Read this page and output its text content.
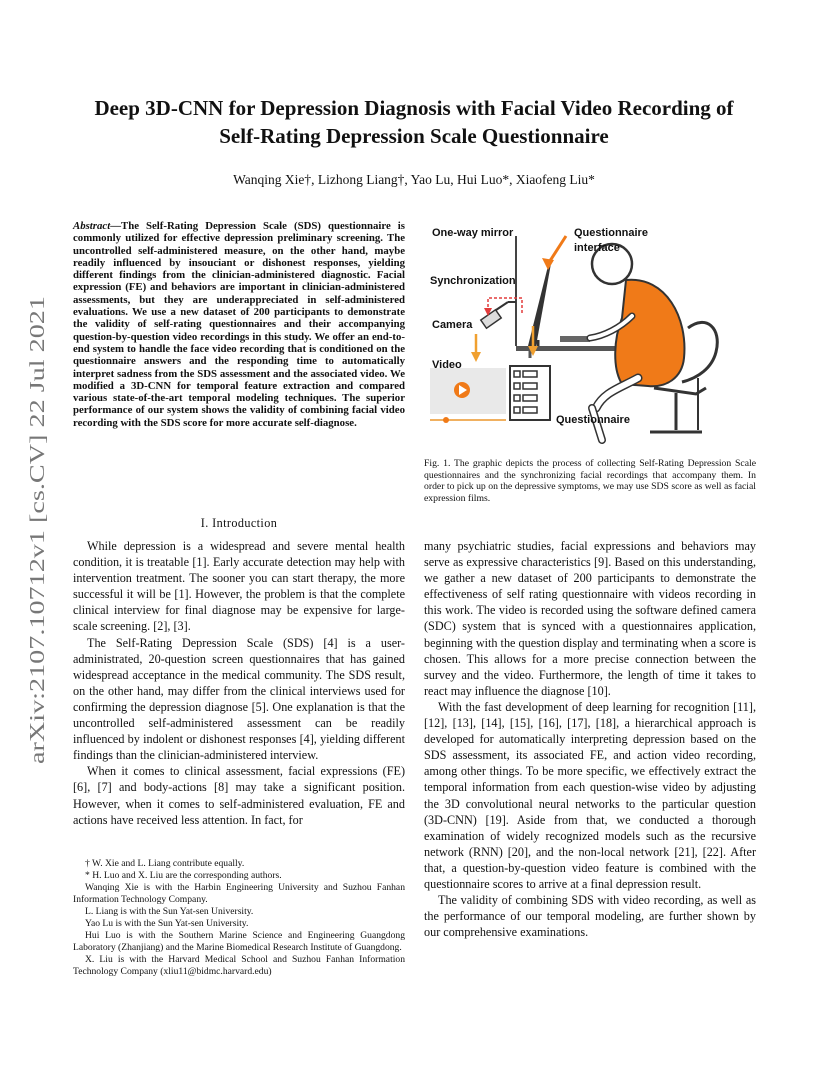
arXiv:2107.10712v1 [cs.CV] 22 Jul 2021
Deep 3D-CNN for Depression Diagnosis with Facial Video Recording of
Self-Rating Depression Scale Questionnaire
Wanqing Xie†, Lizhong Liang†, Yao Lu, Hui Luo*, Xiaofeng Liu*
Abstract—The Self-Rating Depression Scale (SDS) questionnaire is commonly utilized for effective depression preliminary screening. The uncontrolled self-administered measure, on the other hand, maybe readily influenced by insouciant or dishonest responses, yielding different findings from the clinician-administered diagnostic. Facial expression (FE) and behaviors are important in clinician-administered assessments, but they are underappreciated in self-administered evaluations. We use a new dataset of 200 participants to demonstrate the validity of self-rating questionnaires and their accompanying question-by-question video recordings in this study. We offer an end-to-end system to handle the face video recording that is conditioned on the questionnaire answers and the responding time to automatically interpret sadness from the SDS assessment and the associated video. We modified a 3D-CNN for temporal feature extraction and compared various state-of-the-art temporal modeling techniques. The superior performance of our system shows the validity of combining facial video recording with the SDS score for more accurate self-diagnose.
I. Introduction

While depression is a widespread and severe mental health condition, it is treatable [1]. Early accurate detection may help with intervention treatment. The sooner you can start therapy, the more successful it will be [1]. However, the problem is that the complete clinical interview for final diagnose may be expensive for large-scale screening. [2], [3].

The Self-Rating Depression Scale (SDS) [4] is a user-administrated, 20-question screen questionnaires that has gained widespread acceptance in the medical community. The SDS result, on the other hand, may differ from the clinical interviews used for confirming the depression diagnose [5]. One explanation is that the uncontrolled self-administered assessment can be readily influenced by indolent or dishonest responses [4], yielding different findings than the clinician-administered interview.

When it comes to clinical assessment, facial expressions (FE) [6], [7] and body-actions [8] may take a significant position. However, when it comes to self-administered evaluation, FE and actions have received less attention. In fact, for

† W. Xie and L. Liang contribute equally.

* H. Luo and X. Liu are the corresponding authors.

Wanqing Xie is with the Harbin Engineering University and Suzhou Fanhan Information Technology Company.

L. Liang is with the Sun Yat-sen University.

Yao Lu is with the Sun Yat-sen University.

Hui Luo is with the Southern Marine Science and Engineering Guangdong Laboratory (Zhanjiang) and the Marine Biomedical Research Institute of Guangdong.

X. Liu is with the Harvard Medical School and Suzhou Fanhan Information Technology Company (xliu11@bidmc.harvard.edu)

One-way mirror	Questionnaire
interface
Synchronization
Camera
Video
Questionnaire
Fig. 1. The graphic depicts the process of collecting Self-Rating Depression Scale questionnaires and the synchronizing facial recordings that accompany them. In order to pick up on the depressive symptoms, we may use SDS score as well as facial expression films.

many psychiatric studies, facial expressions and behaviors may serve as expressive characteristics [9]. Based on this understanding, we gather a new dataset of 200 participants to demonstrate the effectiveness of self rating questionnaire with videos recording in this work. The video is recorded using the software defined camera (SDC) system that is synced with a questionnaires application, beginning with the question display and terminating when a score is chosen. This allows for a more precise connection between the survey and the video. Furthermore, the length of time it takes to react may influence the diagnose [10].

With the fast development of deep learning for recognition [11], [12], [13], [14], [15], [16], [17], [18], a hierarchical approach is developed for automatically interpreting depression based on the SDS assessment, its associated FE, and action video recording, among other things. To be more specific, we effectively extract the temporal information from each question-wise video by adjusting the 3D convolutional neural networks to the particular question (3D-CNN) [19]. Aside from that, we conducted a thorough examination of widely recognized models such as the recursive network (RNN) [20], and the non-local network [21], [22]. After that, a question-by-question video feature is combined with the questionnaire scores to arrive at a final depression result.

The validity of combining SDS with video recording, as well as the performance of our temporal modeling, are further shown by our comprehensive examinations.
